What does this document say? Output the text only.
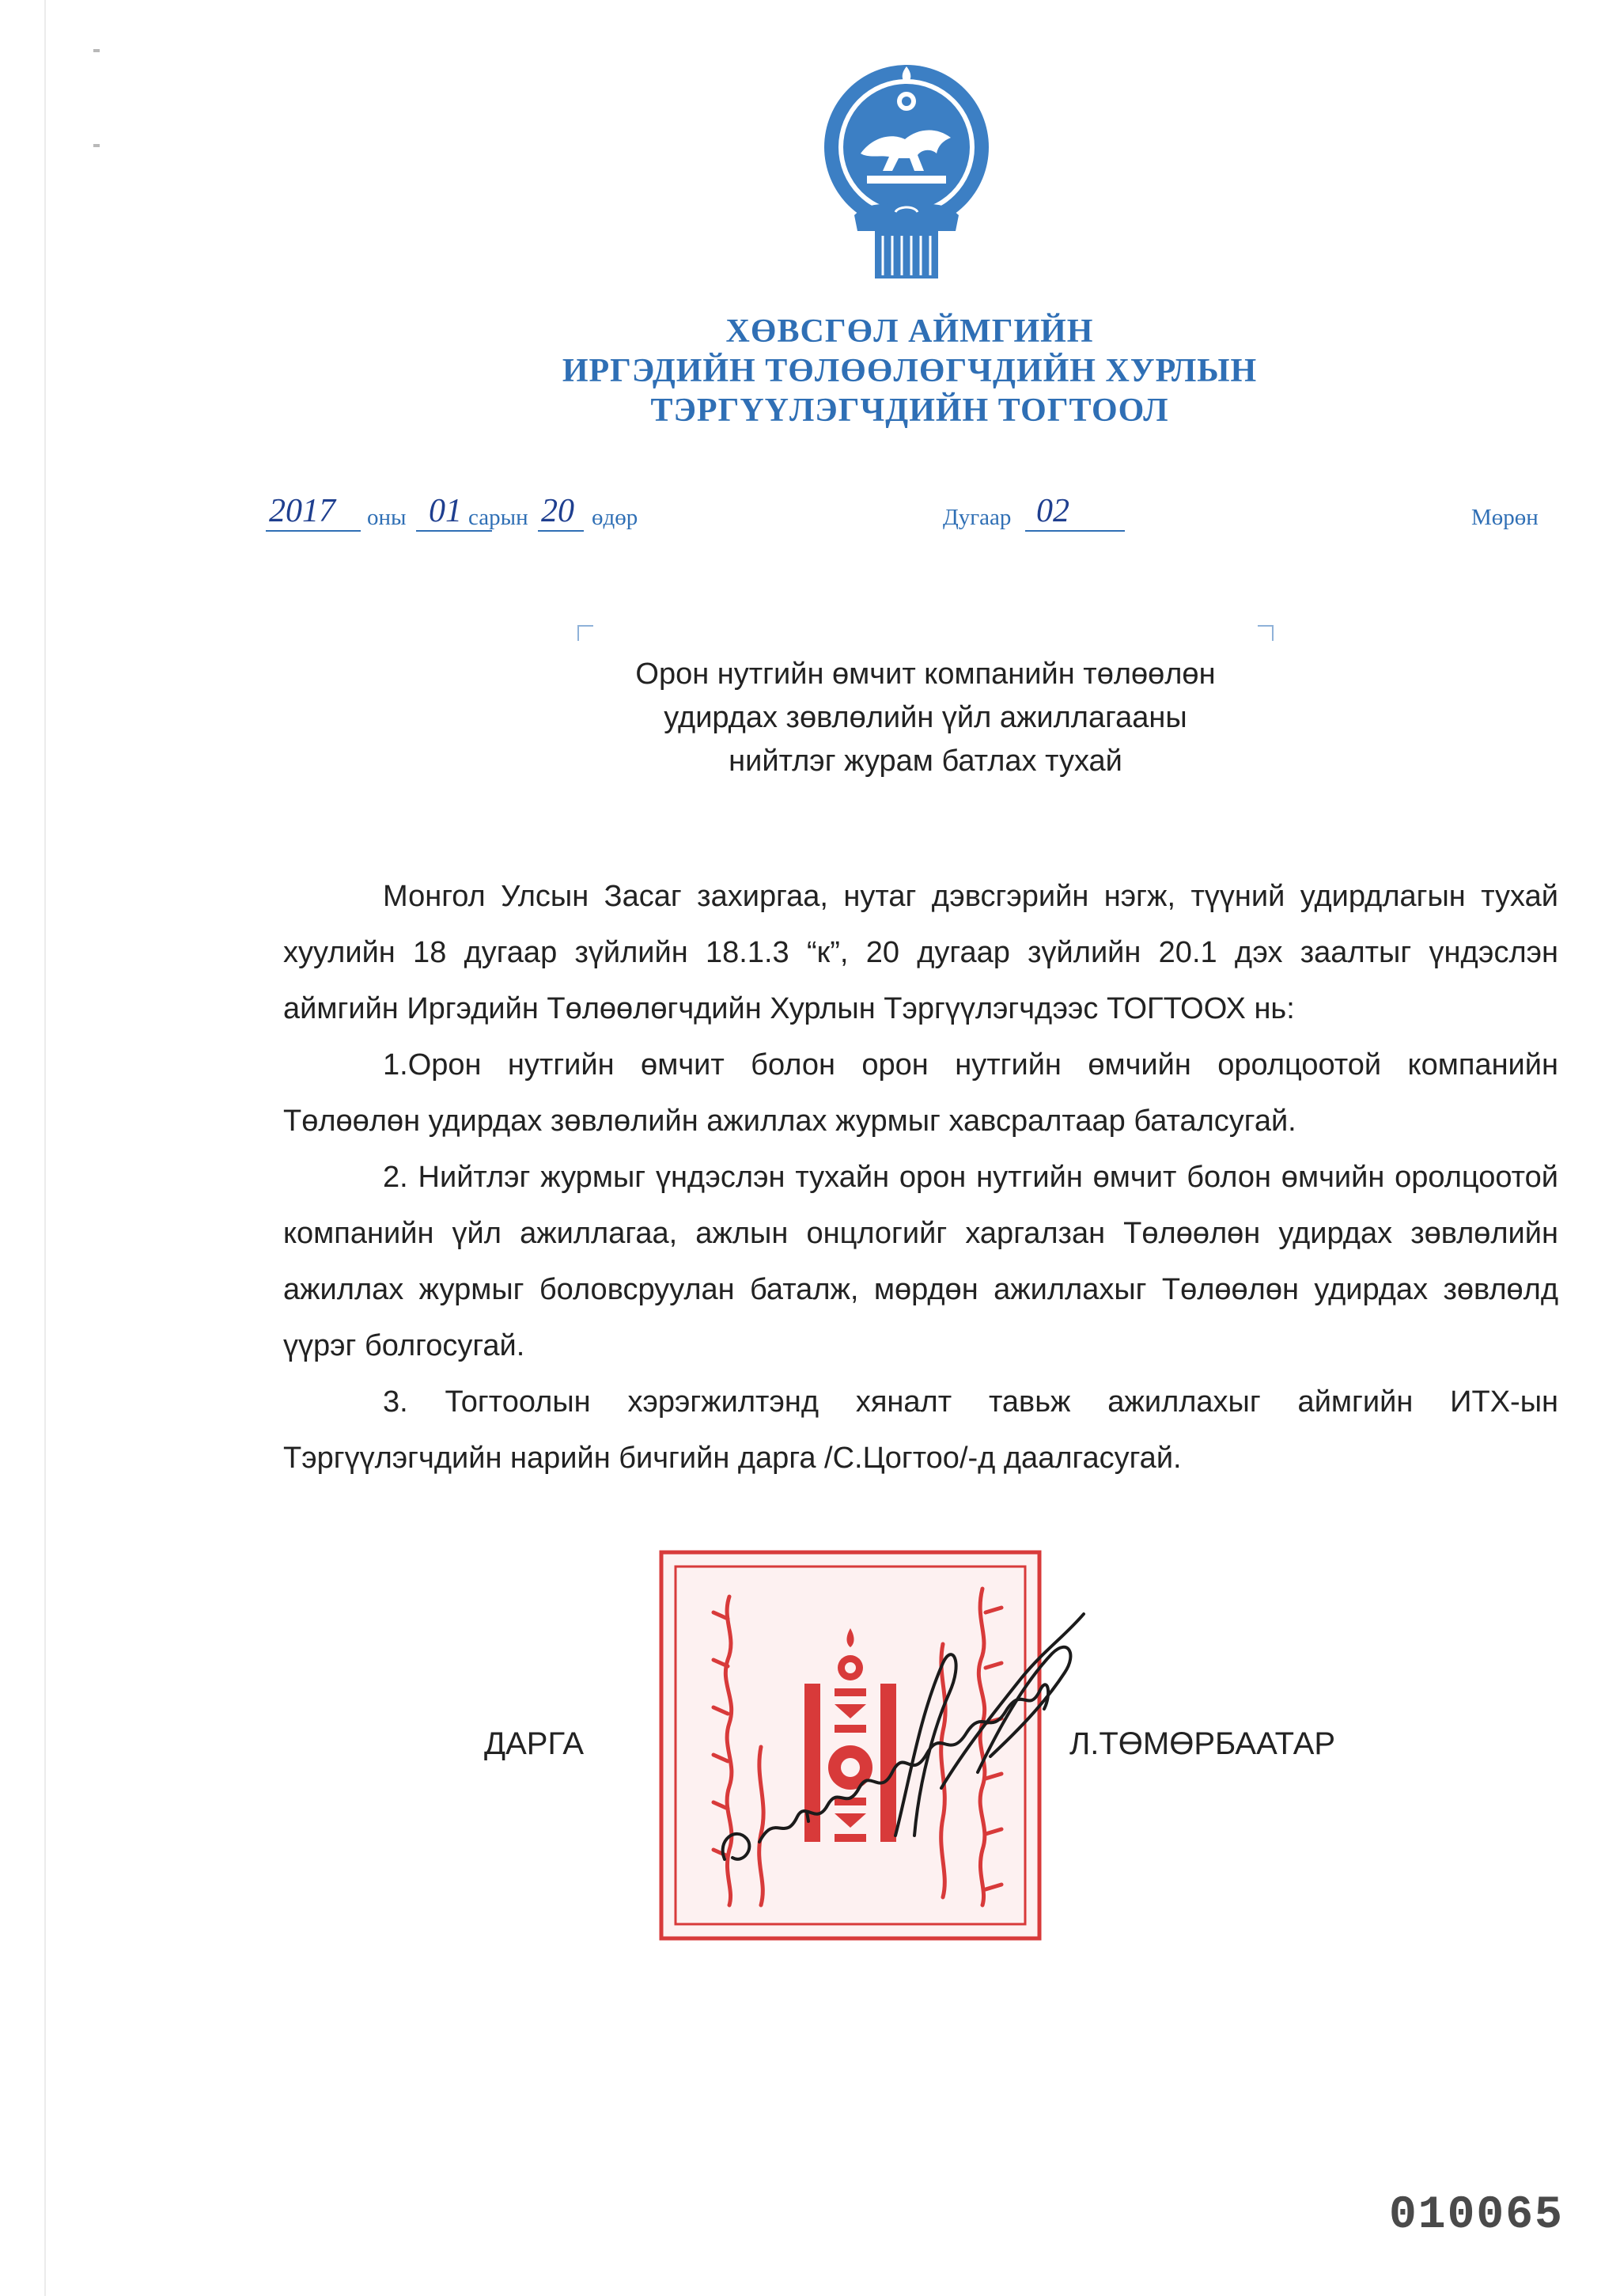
ХӨВСГӨЛ АЙМГИЙН
ИРГЭДИЙН ТӨЛӨӨЛӨГЧДИЙН ХУРЛЫН
ТЭРГҮҮЛЭГЧДИЙН ТОГТООЛ
2017 оны 01 сарын 20 өдөр	Дугаар 02	Мөрөн
Орон нутгийн өмчит компанийн төлөөлөн
удирдах зөвлөлийн үйл ажиллагааны
нийтлэг журам батлах тухай

Монгол Улсын Засаг захиргаа, нутаг дэвсгэрийн нэгж, түүний удирдлагын тухай хуулийн 18 дугаар зүйлийн 18.1.3 “к”, 20 дугаар зүйлийн 20.1 дэх заалтыг үндэслэн аймгийн Иргэдийн Төлөөлөгчдийн Хурлын Тэргүүлэгчдээс ТОГТООХ нь:

1.Орон нутгийн өмчит болон орон нутгийн өмчийн оролцоотой компанийн Төлөөлөн удирдах зөвлөлийн ажиллах журмыг хавсралтаар баталсугай.

2. Нийтлэг журмыг үндэслэн тухайн орон нутгийн өмчит болон өмчийн оролцоотой компанийн үйл ажиллагаа, ажлын онцлогийг харгалзан Төлөөлөн удирдах зөвлөлийн ажиллах журмыг боловсруулан баталж, мөрдөн ажиллахыг Төлөөлөн удирдах зөвлөлд үүрэг болгосугай.

3. Тогтоолын хэрэгжилтэнд хяналт тавьж ажиллахыг аймгийн ИТХ-ын Тэргүүлэгчдийн нарийн бичгийн дарга /С.Цогтоо/-д даалгасугай.

ДАРГА	Л.ТӨМӨРБААТАР
010065
